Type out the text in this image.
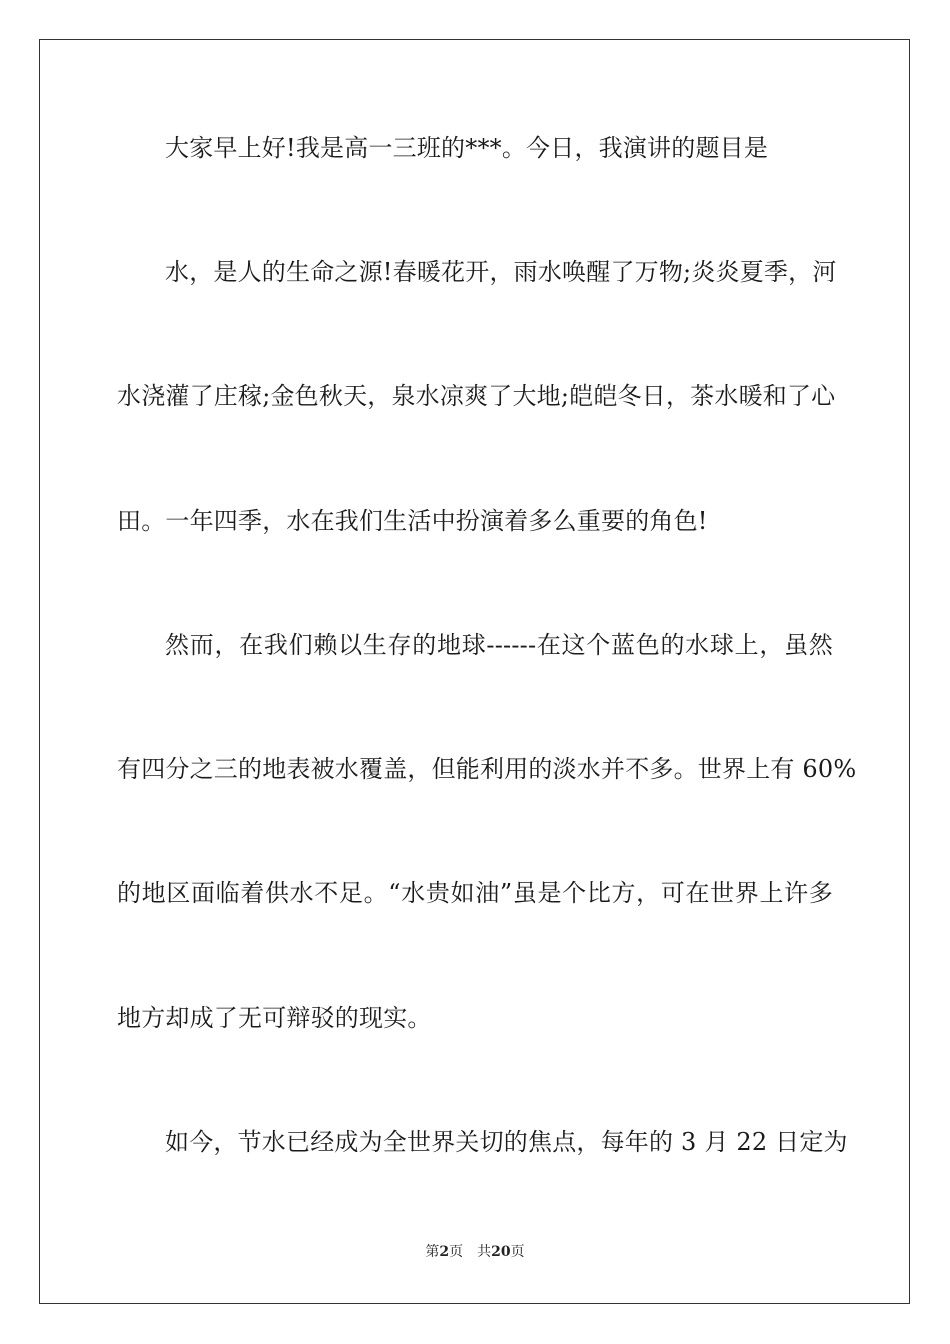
大家早上好!我是高一三班的***。今日，我演讲的题目是
水，是人的生命之源!春暖花开，雨水唤醒了万物;炎炎夏季，河
水浇灌了庄稼;金色秋天，泉水凉爽了大地;皑皑冬日，茶水暖和了心
田。一年四季，水在我们生活中扮演着多么重要的角色!
然而，在我们赖以生存的地球------在这个蓝色的水球上，虽然
有四分之三的地表被水覆盖，但能利用的淡水并不多。世界上有 60%
的地区面临着供水不足。“水贵如油”虽是个比方，可在世界上许多
地方却成了无可辩驳的现实。
如今，节水已经成为全世界关切的焦点，每年的 3 月 22 日定为
第2页 共20页
